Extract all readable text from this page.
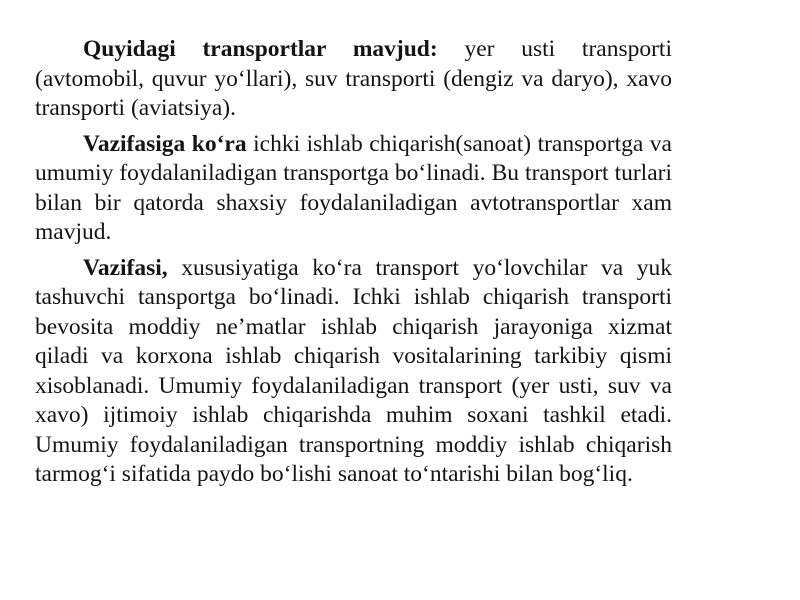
Quyidagi transportlar mavjud: yer usti transporti (avtomobil, quvur yo‘llari), suv transporti (dengiz va daryo), xavo transporti (aviatsiya).

Vazifasiga ko‘ra ichki ishlab chiqarish(sanoat) transportga va umumiy foydalaniladigan transportga bo‘linadi. Bu transport turlari bilan bir qatorda shaxsiy foydalaniladigan avtotransportlar xam mavjud.

Vazifasi, xususiyatiga ko‘ra transport yo‘lovchilar va yuk tashuvchi tansportga bo‘linadi. Ichki ishlab chiqarish transporti bevosita moddiy ne’matlar ishlab chiqarish jarayoniga xizmat qiladi va korxona ishlab chiqarish vositalarining tarkibiy qismi xisoblanadi. Umumiy foydalaniladigan transport (yer usti, suv va xavo) ijtimoiy ishlab chiqarishda muhim soxani tashkil etadi. Umumiy foydalaniladigan transportning moddiy ishlab chiqarish tarmog‘i sifatida paydo bo‘lishi sanoat to‘ntarishi bilan bog‘liq.
